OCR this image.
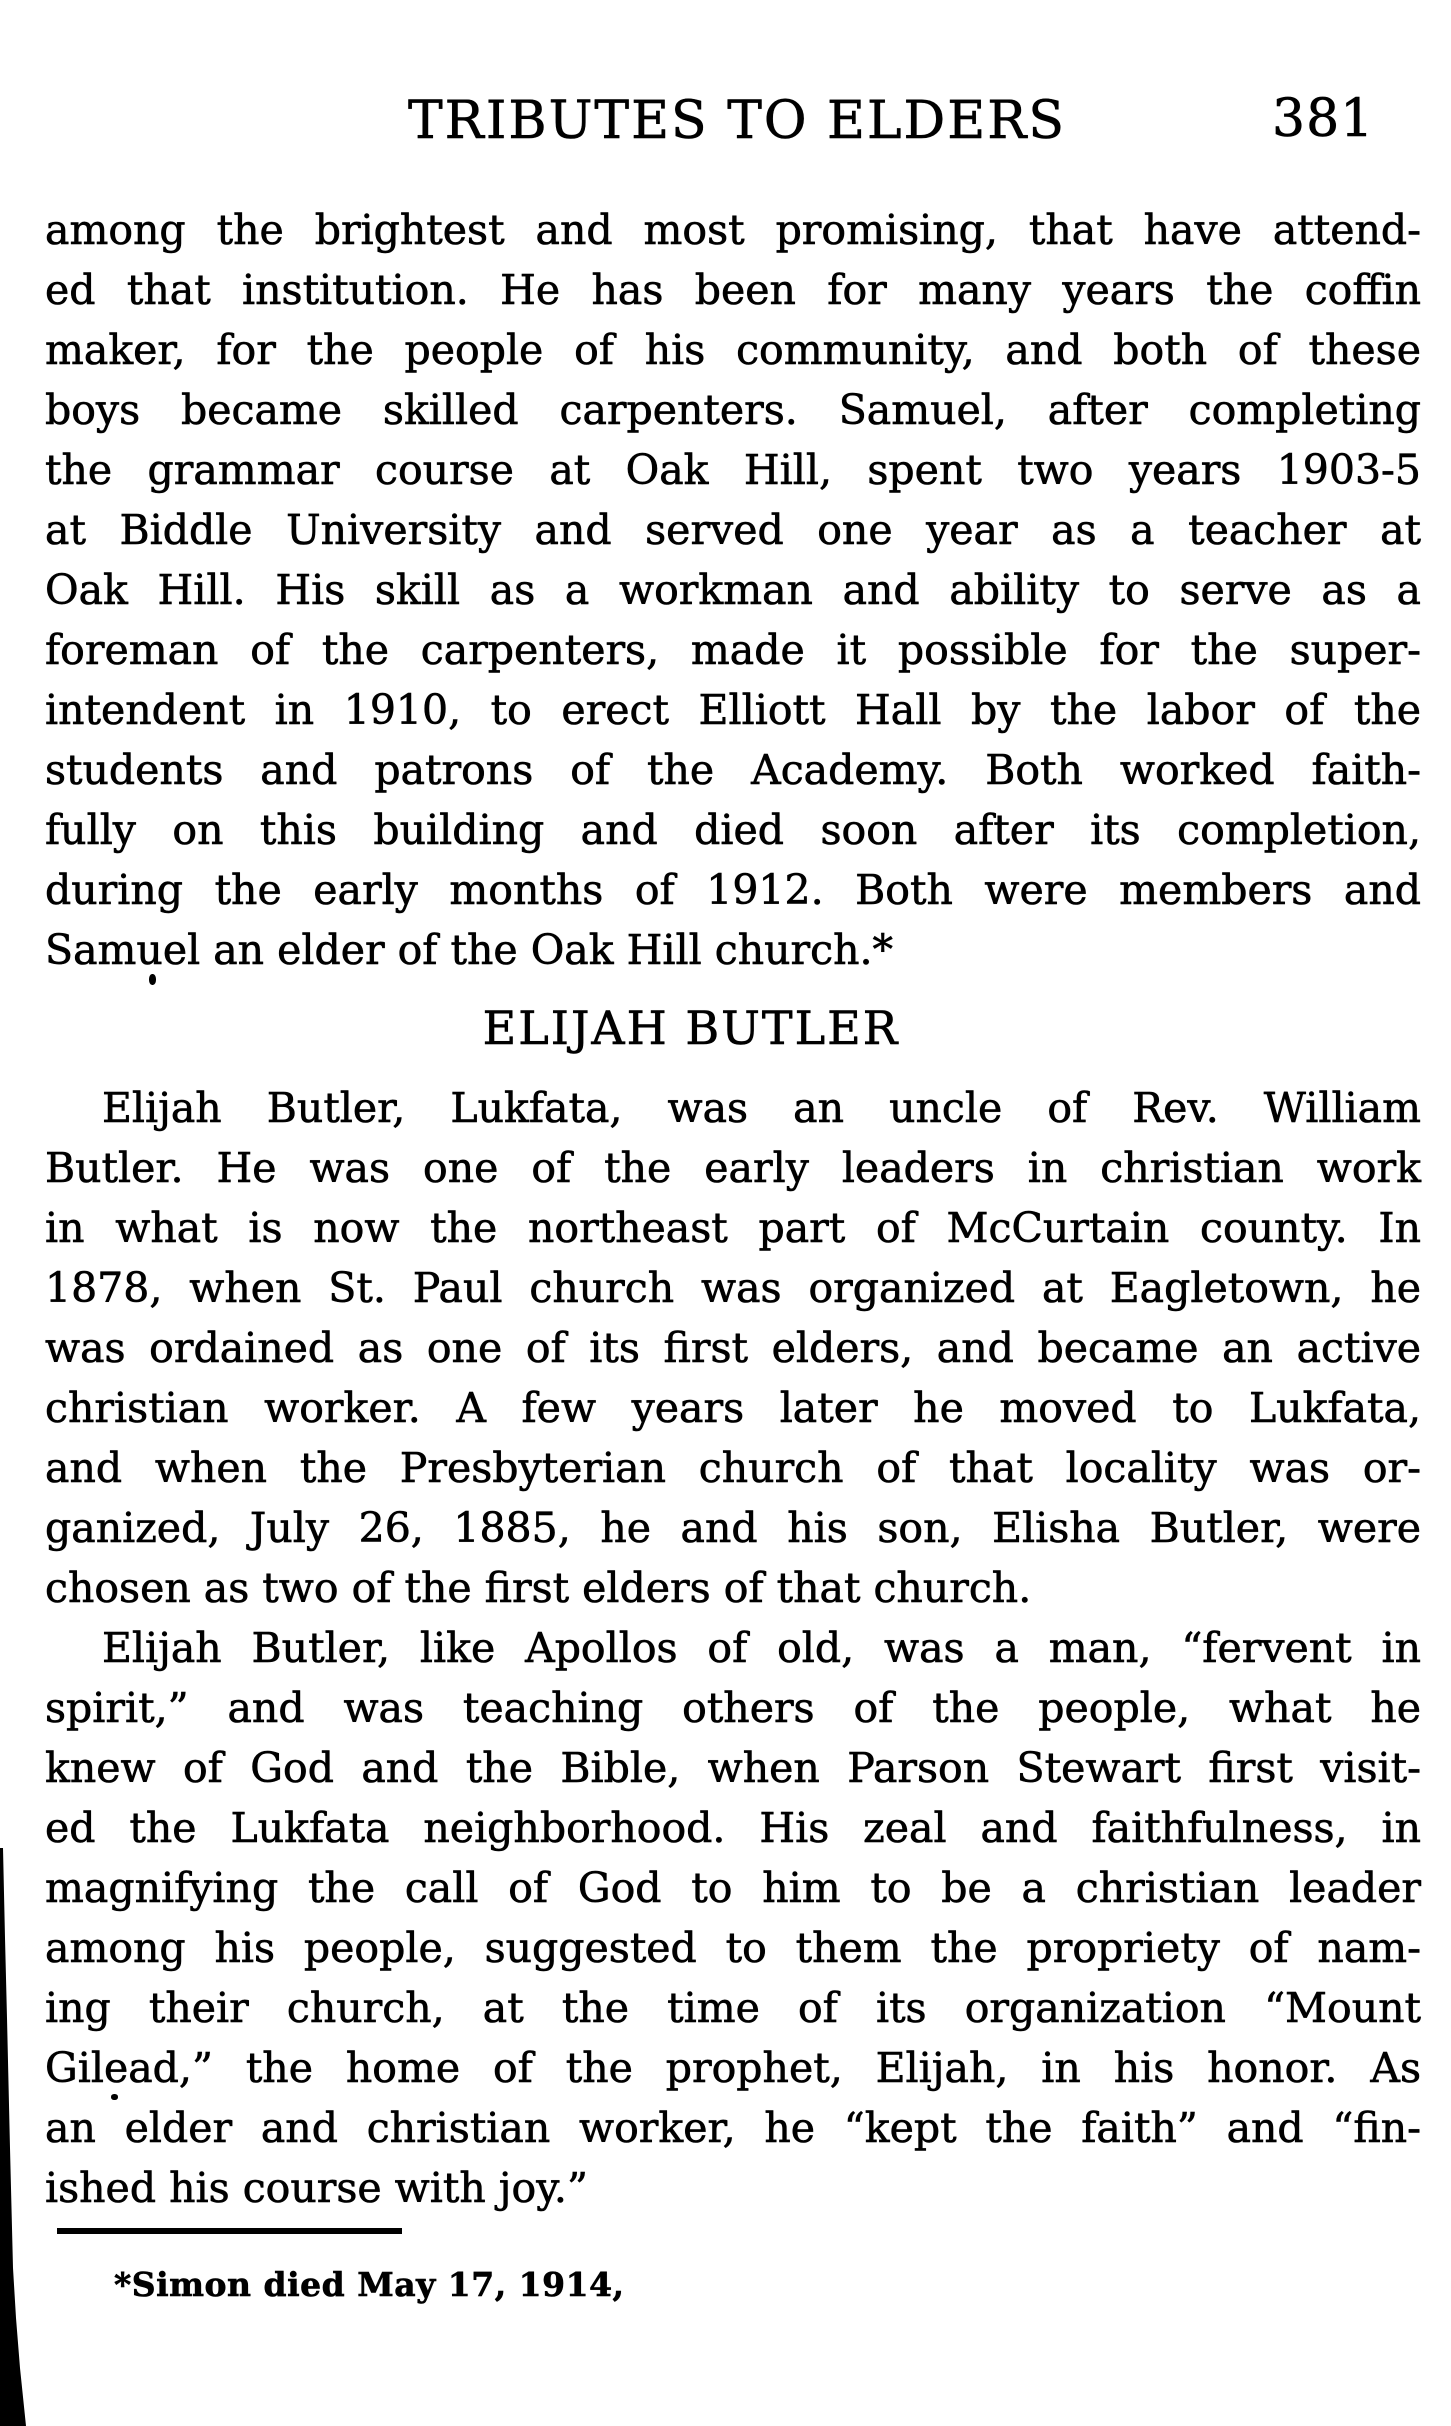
TRIBUTES TO ELDERS	381
among the brightest and most promising, that have attend-
ed that institution. He has been for many years the coffin
maker, for the people of his community, and both of these
boys became skilled carpenters. Samuel, after completing
the grammar course at Oak Hill, spent two years 1903-5
at Biddle University and served one year as a teacher at
Oak Hill. His skill as a workman and ability to serve as a
foreman of the carpenters, made it possible for the super-
intendent in 1910, to erect Elliott Hall by the labor of the
students and patrons of the Academy. Both worked faith-
fully on this building and died soon after its completion,
during the early months of 1912. Both were members and
Samuel an elder of the Oak Hill church.*
ELIJAH BUTLER
Elijah Butler, Lukfata, was an uncle of Rev. William
Butler. He was one of the early leaders in christian work
in what is now the northeast part of McCurtain county. In
1878, when St. Paul church was organized at Eagletown, he
was ordained as one of its first elders, and became an active
christian worker. A few years later he moved to Lukfata,
and when the Presbyterian church of that locality was or-
ganized, July 26, 1885, he and his son, Elisha Butler, were
chosen as two of the first elders of that church.
Elijah Butler, like Apollos of old, was a man, “fervent in
spirit,” and was teaching others of the people, what he
knew of God and the Bible, when Parson Stewart first visit-
ed the Lukfata neighborhood. His zeal and faithfulness, in
magnifying the call of God to him to be a christian leader
among his people, suggested to them the propriety of nam-
ing their church, at the time of its organization “Mount
Gilead,” the home of the prophet, Elijah, in his honor. As
an elder and christian worker, he “kept the faith” and “fin-
ished his course with joy.”
*Simon died May 17, 1914,
